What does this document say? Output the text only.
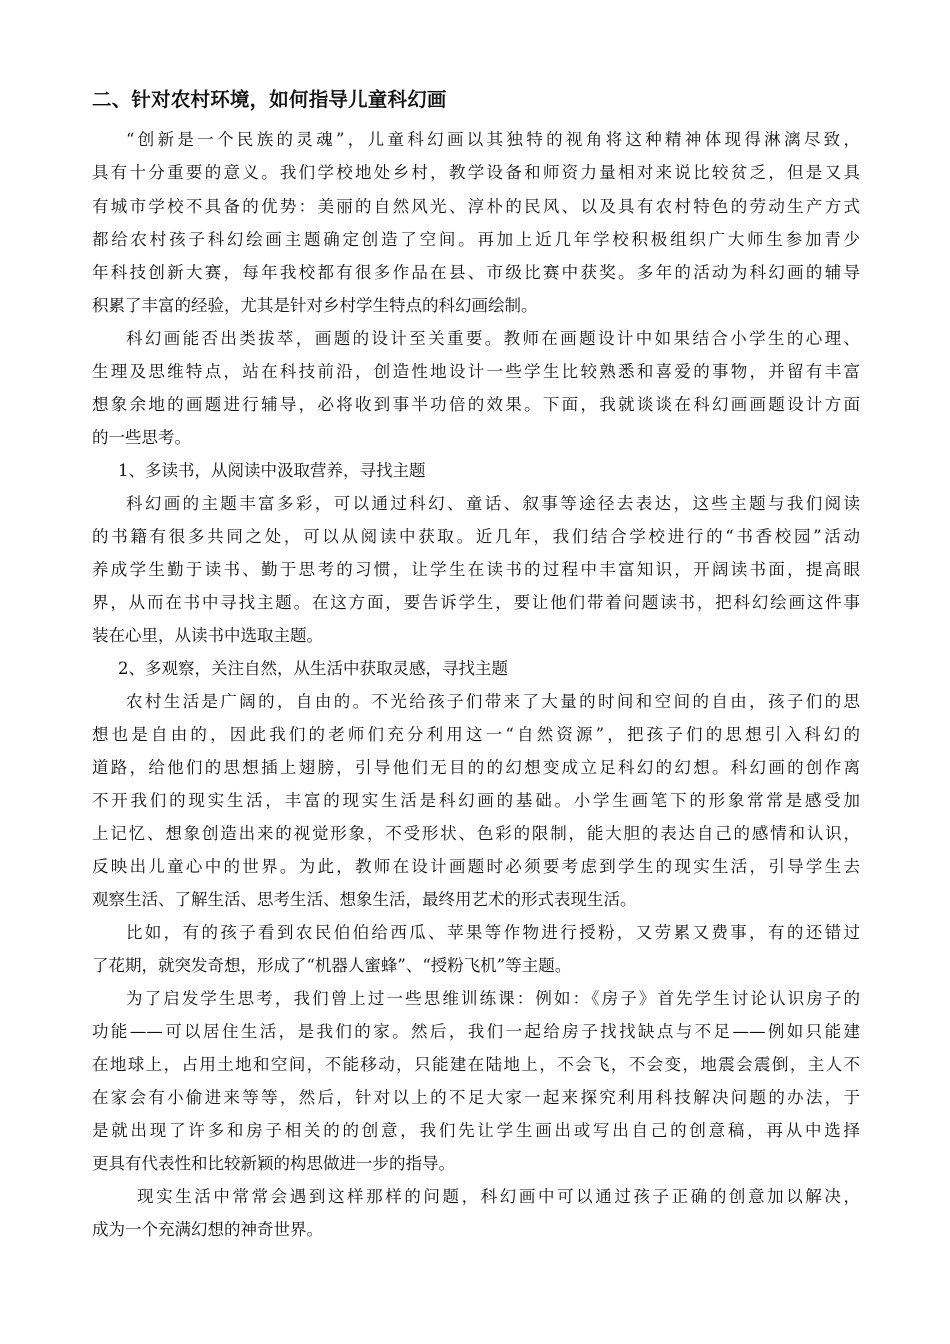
二、针对农村环境，如何指导儿童科幻画
“创新是一个民族的灵魂”，儿童科幻画以其独特的视角将这种精神体现得淋漓尽致，
具有十分重要的意义。我们学校地处乡村，教学设备和师资力量相对来说比较贫乏，但是又具
有城市学校不具备的优势：美丽的自然风光、淳朴的民风、以及具有农村特色的劳动生产方式
都给农村孩子科幻绘画主题确定创造了空间。再加上近几年学校积极组织广大师生参加青少
年科技创新大赛，每年我校都有很多作品在县、市级比赛中获奖。多年的活动为科幻画的辅导
积累了丰富的经验，尤其是针对乡村学生特点的科幻画绘制。
科幻画能否出类拔萃，画题的设计至关重要。教师在画题设计中如果结合小学生的心理、
生理及思维特点，站在科技前沿，创造性地设计一些学生比较熟悉和喜爱的事物，并留有丰富
想象余地的画题进行辅导，必将收到事半功倍的效果。下面，我就谈谈在科幻画画题设计方面
的一些思考。
1、多读书，从阅读中汲取营养，寻找主题
科幻画的主题丰富多彩，可以通过科幻、童话、叙事等途径去表达，这些主题与我们阅读
的书籍有很多共同之处，可以从阅读中获取。近几年，我们结合学校进行的“书香校园”活动
养成学生勤于读书、勤于思考的习惯，让学生在读书的过程中丰富知识，开阔读书面，提高眼
界，从而在书中寻找主题。在这方面，要告诉学生，要让他们带着问题读书，把科幻绘画这件事
装在心里，从读书中选取主题。
2、多观察，关注自然，从生活中获取灵感，寻找主题
农村生活是广阔的，自由的。不光给孩子们带来了大量的时间和空间的自由，孩子们的思
想也是自由的，因此我们的老师们充分利用这一“自然资源”，把孩子们的思想引入科幻的
道路，给他们的思想插上翅膀，引导他们无目的的幻想变成立足科幻的幻想。科幻画的创作离
不开我们的现实生活，丰富的现实生活是科幻画的基础。小学生画笔下的形象常常是感受加
上记忆、想象创造出来的视觉形象，不受形状、色彩的限制，能大胆的表达自己的感情和认识，
反映出儿童心中的世界。为此，教师在设计画题时必须要考虑到学生的现实生活，引导学生去
观察生活、了解生活、思考生活、想象生活，最终用艺术的形式表现生活。
比如，有的孩子看到农民伯伯给西瓜、苹果等作物进行授粉，又劳累又费事，有的还错过
了花期，就突发奇想，形成了“机器人蜜蜂”、“授粉飞机”等主题。
为了启发学生思考，我们曾上过一些思维训练课：例如：《房子》首先学生讨论认识房子的
功能——可以居住生活，是我们的家。然后，我们一起给房子找找缺点与不足——例如只能建
在地球上，占用土地和空间，不能移动，只能建在陆地上，不会飞，不会变，地震会震倒，主人不
在家会有小偷进来等等，然后，针对以上的不足大家一起来探究利用科技解决问题的办法，于
是就出现了许多和房子相关的的创意，我们先让学生画出或写出自己的创意稿，再从中选择
更具有代表性和比较新颖的构思做进一步的指导。
现实生活中常常会遇到这样那样的问题，科幻画中可以通过孩子正确的创意加以解决，
成为一个充满幻想的神奇世界。
